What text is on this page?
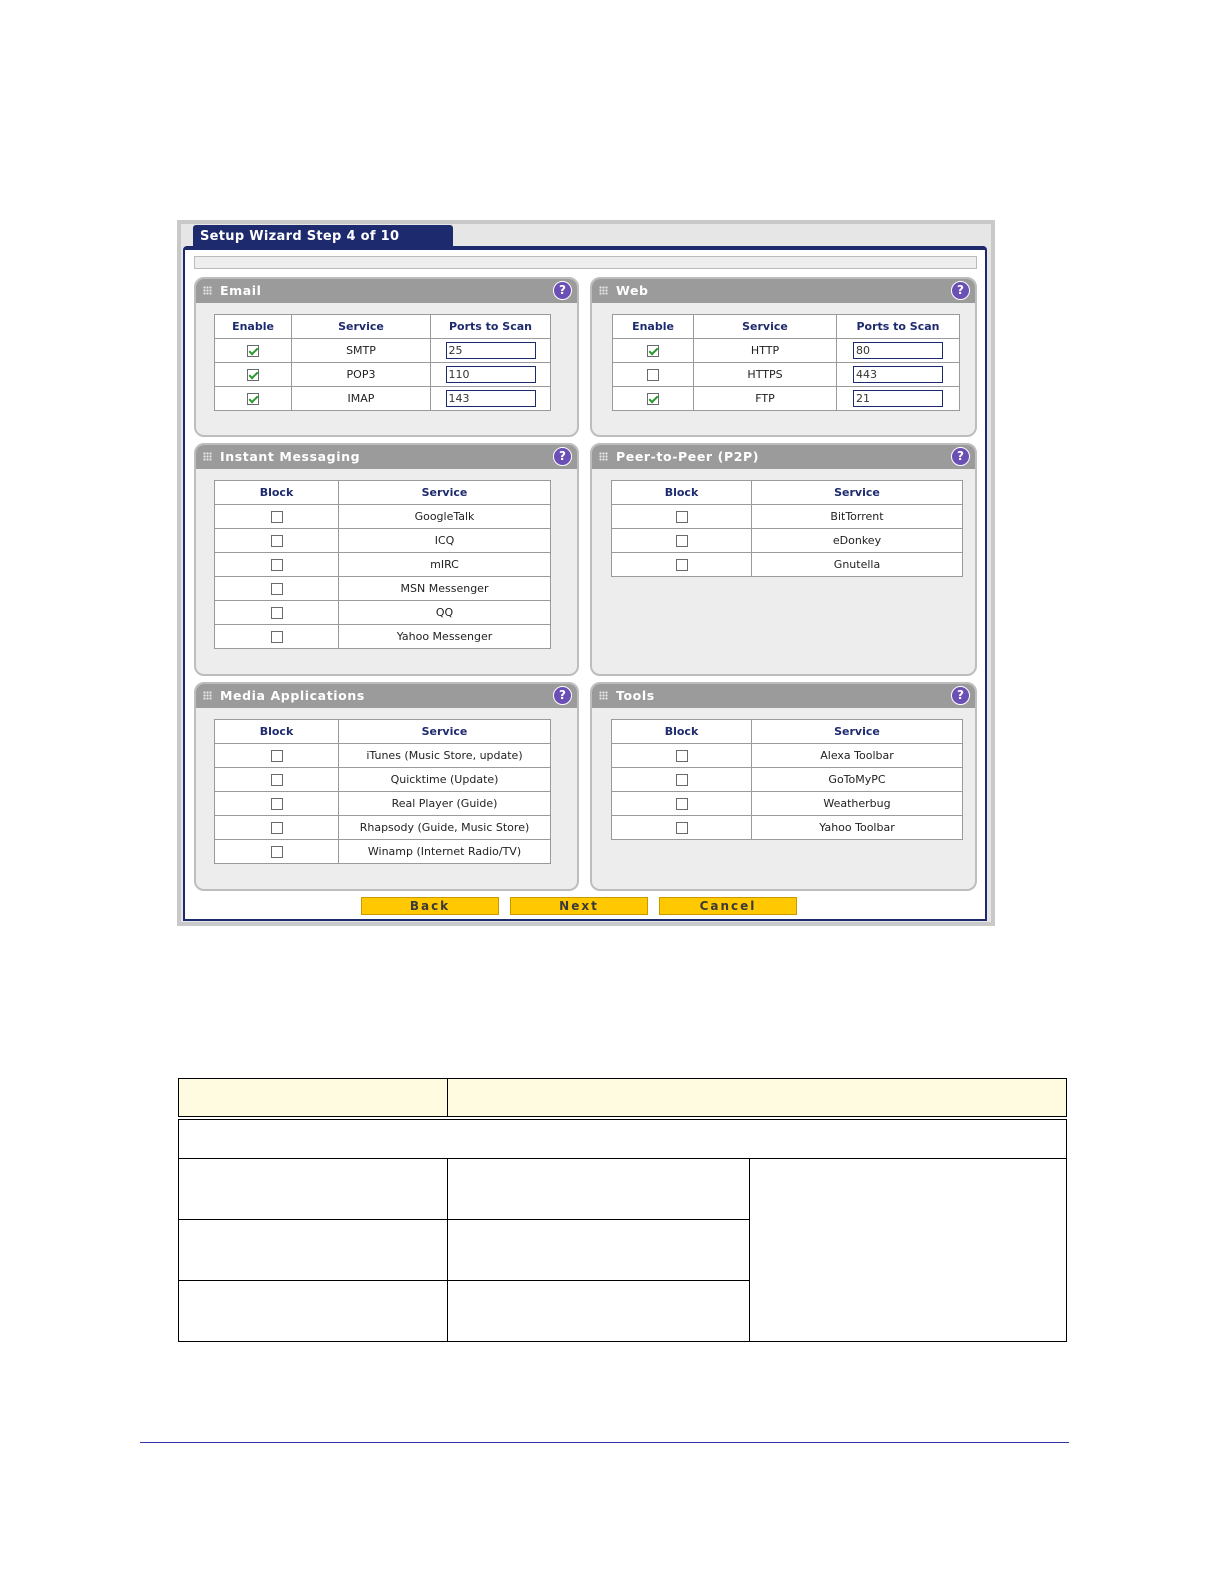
Setup Wizard Step 4 of 10
Email	?
Enable	Service	Ports to Scan
	SMTP	25
	POP3	110
	IMAP	143
Web	?
Enable	Service	Ports to Scan
	HTTP	80
	HTTPS	443
	FTP	21
Instant Messaging	?
Block	Service
	GoogleTalk
	ICQ
	mIRC
	MSN Messenger
	QQ
	Yahoo Messenger
Peer-to-Peer (P2P)	?
Block	Service
	BitTorrent
	eDonkey
	Gnutella
Media Applications	?
Block	Service
	iTunes (Music Store, update)
	Quicktime (Update)
	Real Player (Guide)
	Rhapsody (Guide, Music Store)
	Winamp (Internet Radio/TV)
Tools	?
Block	Service
	Alexa Toolbar
	GoToMyPC
	Weatherbug
	Yahoo Toolbar
Back	Next	Cancel
